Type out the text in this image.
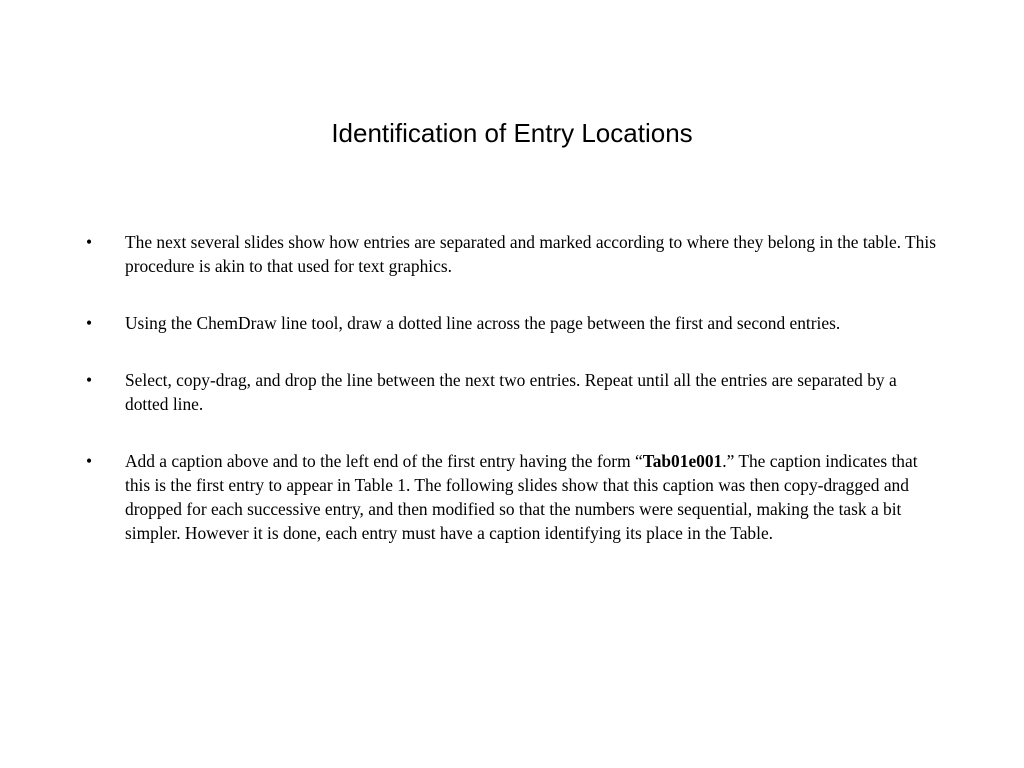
Identification of Entry Locations
•	The next several slides show how entries are separated and marked according to where they belong in the table. This procedure is akin to that used for text graphics.
•	Using the ChemDraw line tool, draw a dotted line across the page between the first and second entries.
•	Select, copy-drag, and drop the line between the next two entries. Repeat until all the entries are separated by a dotted line.
•	Add a caption above and to the left end of the first entry having the form “Tab01e001.” The caption indicates that this is the first entry to appear in Table 1. The following slides show that this caption was then copy-dragged and dropped for each successive entry, and then modified so that the numbers were sequential, making the task a bit simpler. However it is done, each entry must have a caption identifying its place in the Table.
